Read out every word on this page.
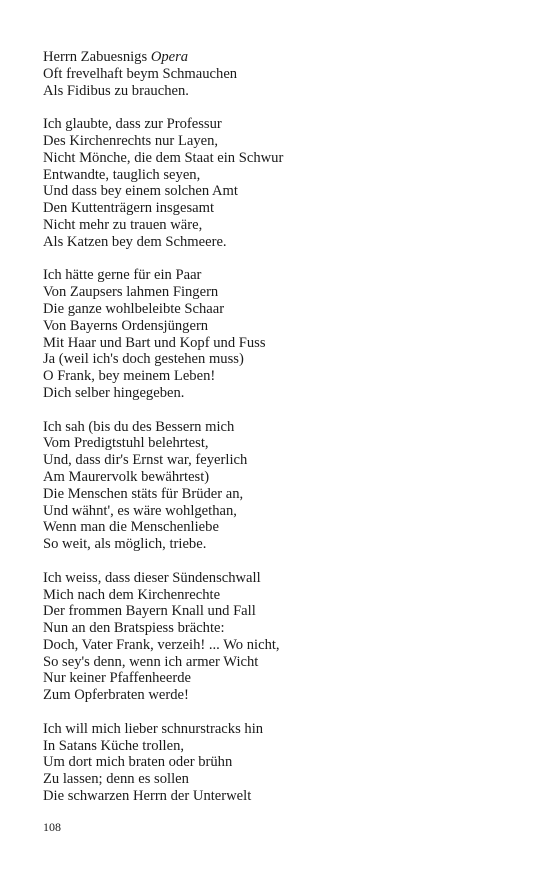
Herrn Zabuesnigs Opera
Oft frevelhaft beym Schmauchen
Als Fidibus zu brauchen.
Ich glaubte, dass zur Professur
Des Kirchenrechts nur Layen,
Nicht Mönche, die dem Staat ein Schwur
Entwandte, tauglich seyen,
Und dass bey einem solchen Amt
Den Kuttenträgern insgesamt
Nicht mehr zu trauen wäre,
Als Katzen bey dem Schmeere.
Ich hätte gerne für ein Paar
Von Zaupsers lahmen Fingern
Die ganze wohlbeleibte Schaar
Von Bayerns Ordensjüngern
Mit Haar und Bart und Kopf und Fuss
Ja (weil ich's doch gestehen muss)
O Frank, bey meinem Leben!
Dich selber hingegeben.
Ich sah (bis du des Bessern mich
Vom Predigtstuhl belehrtest,
Und, dass dir's Ernst war, feyerlich
Am Maurervolk bewährtest)
Die Menschen stäts für Brüder an,
Und wähnt', es wäre wohlgethan,
Wenn man die Menschenliebe
So weit, als möglich, triebe.
Ich weiss, dass dieser Sündenschwall
Mich nach dem Kirchenrechte
Der frommen Bayern Knall und Fall
Nun an den Bratspiess brächte:
Doch, Vater Frank, verzeih! ... Wo nicht,
So sey's denn, wenn ich armer Wicht
Nur keiner Pfaffenheerde
Zum Opferbraten werde!
Ich will mich lieber schnurstracks hin
In Satans Küche trollen,
Um dort mich braten oder brühn
Zu lassen; denn es sollen
Die schwarzen Herrn der Unterwelt
108
